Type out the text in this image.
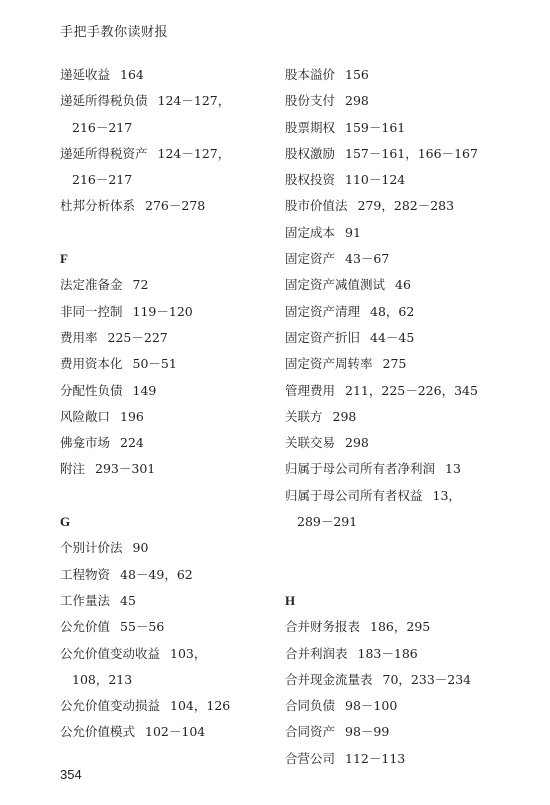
手把手教你读财报
递延收益 164
递延所得税负债 124－127，
216－217
递延所得税资产 124－127，
216－217
杜邦分析体系 276－278
F
法定准备金 72
非同一控制 119－120
费用率 225－227
费用资本化 50－51
分配性负债 149
风险敞口 196
佛龛市场 224
附注 293－301
G
个别计价法 90
工程物资 48－49，62
工作量法 45
公允价值 55－56
公允价值变动收益 103，
108，213
公允价值变动损益 104，126
公允价值模式 102－104
股本溢价 156
股份支付 298
股票期权 159－161
股权激励 157－161，166－167
股权投资 110－124
股市价值法 279，282－283
固定成本 91
固定资产 43－67
固定资产减值测试 46
固定资产清理 48，62
固定资产折旧 44－45
固定资产周转率 275
管理费用 211，225－226，345
关联方 298
关联交易 298
归属于母公司所有者净利润 13
归属于母公司所有者权益 13，
289－291
H
合并财务报表 186，295
合并利润表 183－186
合并现金流量表 70，233－234
合同负债 98－100
合同资产 98－99
合营公司 112－113
354
